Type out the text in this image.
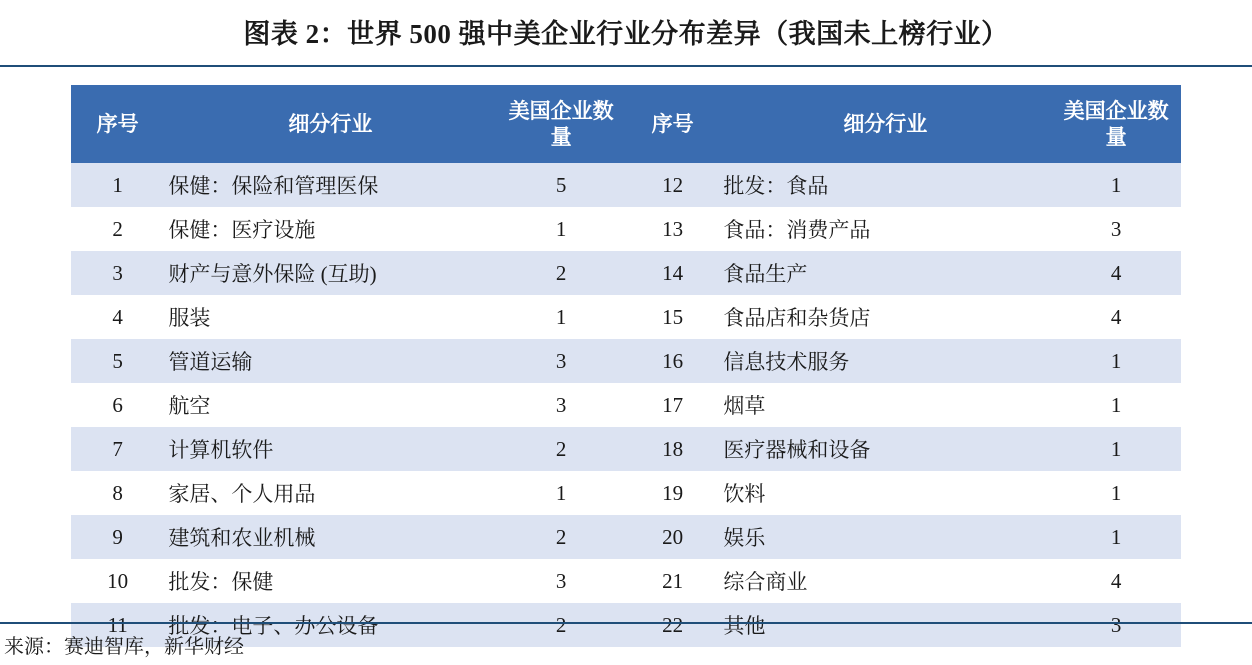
图表 2：世界 500 强中美企业行业分布差异（我国未上榜行业）
序号	细分行业	美国企业数量	序号	细分行业	美国企业数量
1	保健：保险和管理医保	5	12	批发：食品	1
2	保健：医疗设施	1	13	食品：消费产品	3
3	财产与意外保险 (互助)	2	14	食品生产	4
4	服装	1	15	食品店和杂货店	4
5	管道运输	3	16	信息技术服务	1
6	航空	3	17	烟草	1
7	计算机软件	2	18	医疗器械和设备	1
8	家居、个人用品	1	19	饮料	1
9	建筑和农业机械	2	20	娱乐	1
10	批发：保健	3	21	综合商业	4
11	批发：电子、办公设备	2	22	其他	3
来源：赛迪智库，新华财经
